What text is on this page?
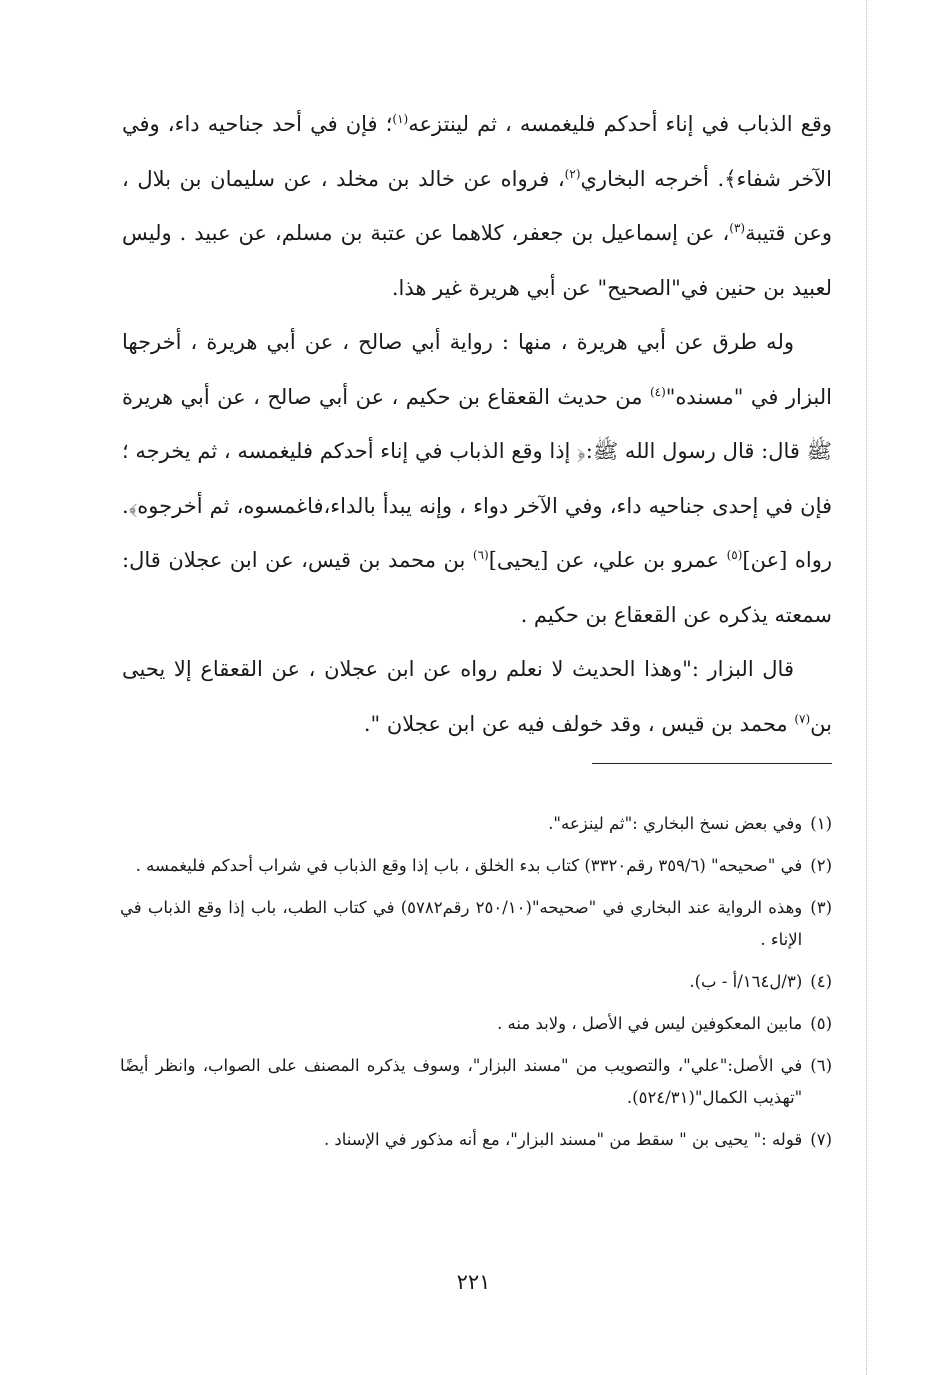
وقع الذباب في إناء أحدكم فليغمسه ، ثم لينتزعه$^{(١)}$؛ فإن في أحد جناحيه داء، وفي الآخر شفاء﴾. أخرجه البخاري$^{(٢)}$، فرواه عن خالد بن مخلد ، عن سليمان بن بلال ، وعن قتيبة$^{(٣)}$، عن إسماعيل بن جعفر، كلاهما عن عتبة بن مسلم، عن عبيد . وليس لعبيد بن حنين في"الصحيح" عن أبي هريرة غير هذا.

وله طرق عن أبي هريرة ، منها : رواية أبي صالح ، عن أبي هريرة ، أخرجها البزار في "مسنده"$^{(٤)}$ من حديث القعقاع بن حكيم ، عن أبي صالح ، عن أبي هريرة ﷺ قال: قال رسول الله ﷺ:﴿ إذا وقع الذباب في إناء أحدكم فليغمسه ، ثم يخرجه ؛ فإن في إحدى جناحيه داء، وفي الآخر دواء ، وإنه يبدأ بالداء،فاغمسوه، ثم أخرجوه﴾. رواه [عن]$^{(٥)}$ عمرو بن علي، عن [يحيى]$^{(٦)}$ بن محمد بن قيس، عن ابن عجلان قال: سمعته يذكره عن القعقاع بن حكيم .

قال البزار :"وهذا الحديث لا نعلم رواه عن ابن عجلان ، عن القعقاع إلا يحيى بن$^{(٧)}$ محمد بن قيس ، وقد خولف فيه عن ابن عجلان ".

(١)
وفي بعض نسخ البخاري :"ثم لينزعه".
(٢)
في "صحيحه" (٣٥٩/٦ رقم٣٣٢٠) كتاب بدء الخلق ، باب إذا وقع الذباب في شراب أحدكم فليغمسه .
(٣)
وهذه الرواية عند البخاري في "صحيحه"(٢٥٠/١٠ رقم٥٧٨٢) في كتاب الطب، باب إذا وقع الذباب في الإناء .
(٤)
(٣/ل١٦٤/أ - ب).
(٥)
مابين المعكوفين ليس في الأصل ، ولابد منه .
(٦)
في الأصل:"علي"، والتصويب من "مسند البزار"، وسوف يذكره المصنف على الصواب، وانظر أيضًا "تهذيب الكمال"(٥٢٤/٣١).
(٧)
قوله :" يحيى بن " سقط من "مسند البزار"، مع أنه مذكور في الإسناد .
٢٢١
